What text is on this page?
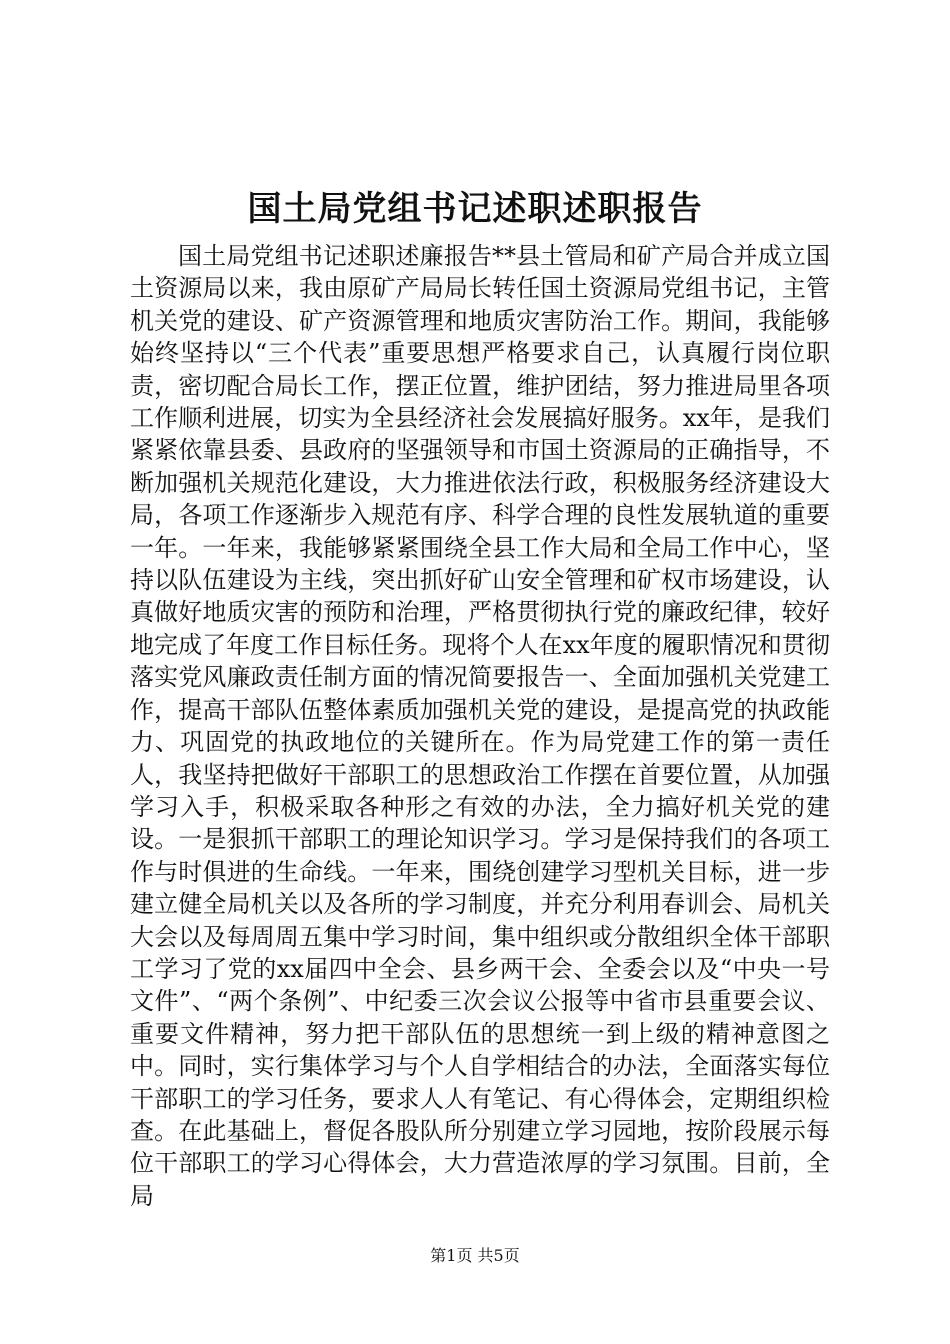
国土局党组书记述职述职报告

国土局党组书记述职述廉报告**县土管局和矿产局合并成立国土资源局以来，我由原矿产局局长转任国土资源局党组书记，主管机关党的建设、矿产资源管理和地质灾害防治工作。期间，我能够始终坚持以“三个代表”重要思想严格要求自己，认真履行岗位职责，密切配合局长工作，摆正位置，维护团结，努力推进局里各项工作顺利进展，切实为全县经济社会发展搞好服务。xx年，是我们紧紧依靠县委、县政府的坚强领导和市国土资源局的正确指导，不断加强机关规范化建设，大力推进依法行政，积极服务经济建设大局，各项工作逐渐步入规范有序、科学合理的良性发展轨道的重要一年。一年来，我能够紧紧围绕全县工作大局和全局工作中心，坚持以队伍建设为主线，突出抓好矿山安全管理和矿权市场建设，认真做好地质灾害的预防和治理，严格贯彻执行党的廉政纪律，较好地完成了年度工作目标任务。现将个人在xx年度的履职情况和贯彻落实党风廉政责任制方面的情况简要报告一、全面加强机关党建工作，提高干部队伍整体素质加强机关党的建设，是提高党的执政能力、巩固党的执政地位的关键所在。作为局党建工作的第一责任人，我坚持把做好干部职工的思想政治工作摆在首要位置，从加强学习入手，积极采取各种形之有效的办法，全力搞好机关党的建设。一是狠抓干部职工的理论知识学习。学习是保持我们的各项工作与时俱进的生命线。一年来，围绕创建学习型机关目标，进一步建立健全局机关以及各所的学习制度，并充分利用春训会、局机关大会以及每周周五集中学习时间，集中组织或分散组织全体干部职工学习了党的xx届四中全会、县乡两干会、全委会以及“中央一号文件”、“两个条例”、中纪委三次会议公报等中省市县重要会议、重要文件精神，努力把干部队伍的思想统一到上级的精神意图之中。同时，实行集体学习与个人自学相结合的办法，全面落实每位干部职工的学习任务，要求人人有笔记、有心得体会，定期组织检查。在此基础上，督促各股队所分别建立学习园地，按阶段展示每位干部职工的学习心得体会，大力营造浓厚的学习氛围。目前，全局

第1页 共5页
